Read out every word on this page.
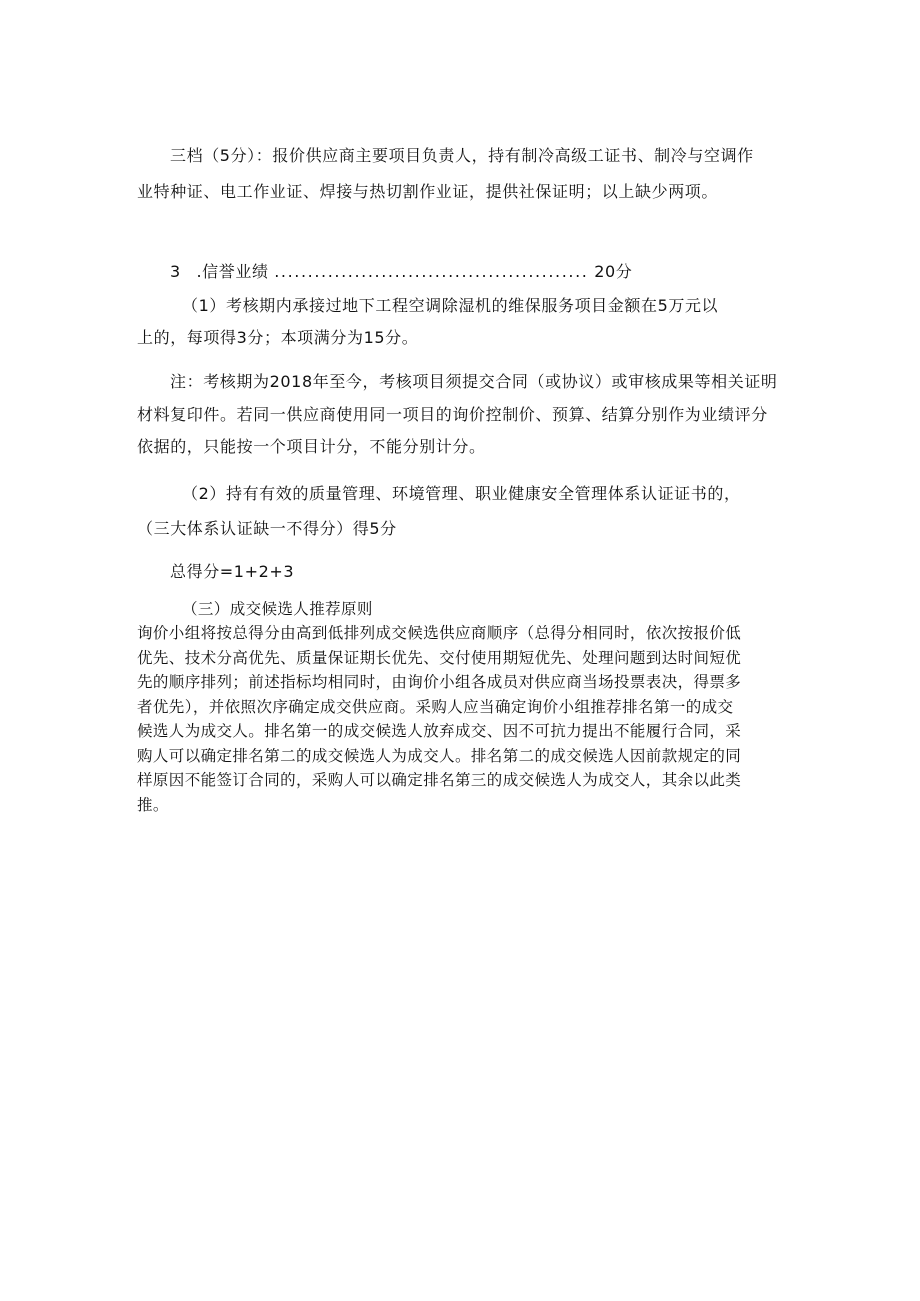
三档（5分）：报价供应商主要项目负责人，持有制冷高级工证书、制冷与空调作
业特种证、电工作业证、焊接与热切割作业证，提供社保证明；以上缺少两项。
3 .信誉业绩 ............................................... 20分
（1）考核期内承接过地下工程空调除湿机的维保服务项目金额在5万元以
上的，每项得3分；本项满分为15分。
注：考核期为2018年至今，考核项目须提交合同（或协议）或审核成果等相关证明
材料复印件。若同一供应商使用同一项目的询价控制价、预算、结算分别作为业绩评分
依据的，只能按一个项目计分，不能分别计分。
（2）持有有效的质量管理、环境管理、职业健康安全管理体系认证证书的，
（三大体系认证缺一不得分）得5分
总得分=1+2+3
（三）成交候选人推荐原则
询价小组将按总得分由高到低排列成交候选供应商顺序（总得分相同时，依次按报价低
优先、技术分高优先、质量保证期长优先、交付使用期短优先、处理问题到达时间短优
先的顺序排列；前述指标均相同时，由询价小组各成员对供应商当场投票表决，得票多
者优先），并依照次序确定成交供应商。采购人应当确定询价小组推荐排名第一的成交
候选人为成交人。排名第一的成交候选人放弃成交、因不可抗力提出不能履行合同，采
购人可以确定排名第二的成交候选人为成交人。排名第二的成交候选人因前款规定的同
样原因不能签订合同的，采购人可以确定排名第三的成交候选人为成交人，其余以此类
推。
